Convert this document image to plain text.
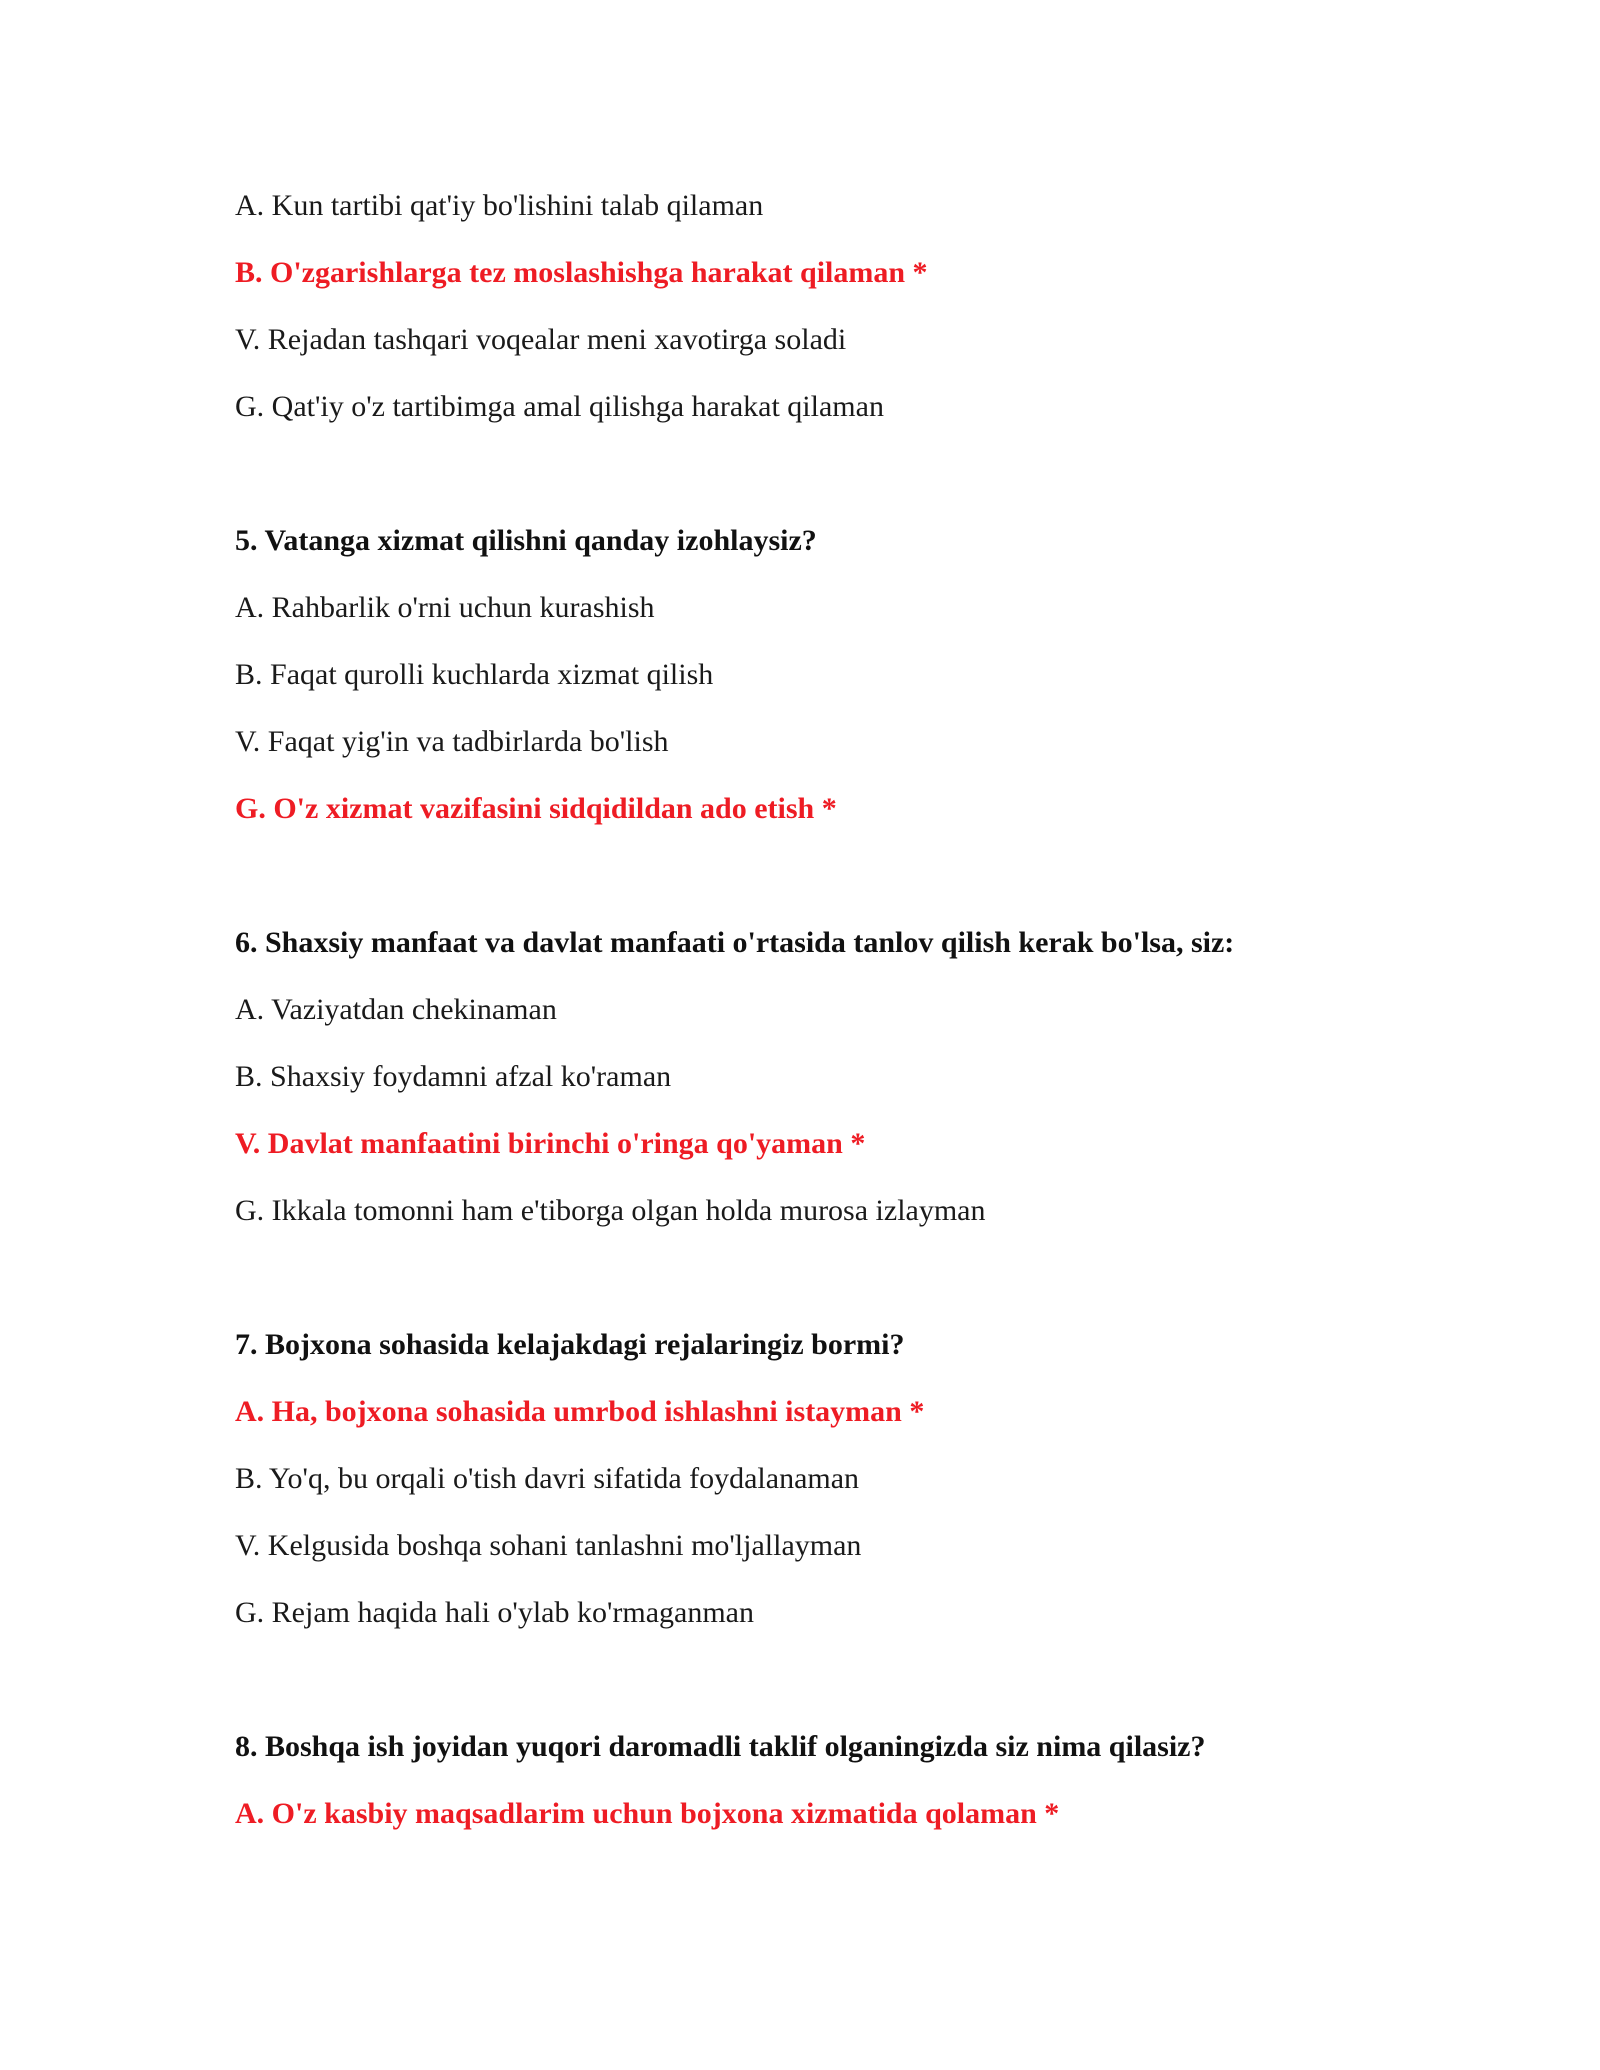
A. Kun tartibi qat'iy bo'lishini talab qilaman

B. O'zgarishlarga tez moslashishga harakat qilaman *

V. Rejadan tashqari voqealar meni xavotirga soladi

G. Qat'iy o'z tartibimga amal qilishga harakat qilaman

5. Vatanga xizmat qilishni qanday izohlaysiz?

A. Rahbarlik o'rni uchun kurashish

B. Faqat qurolli kuchlarda xizmat qilish

V. Faqat yig'in va tadbirlarda bo'lish

G. O'z xizmat vazifasini sidqidildan ado etish *

6. Shaxsiy manfaat va davlat manfaati o'rtasida tanlov qilish kerak bo'lsa, siz:

A. Vaziyatdan chekinaman

B. Shaxsiy foydamni afzal ko'raman

V. Davlat manfaatini birinchi o'ringa qo'yaman *

G. Ikkala tomonni ham e'tiborga olgan holda murosa izlayman

7. Bojxona sohasida kelajakdagi rejalaringiz bormi?

A. Ha, bojxona sohasida umrbod ishlashni istayman *

B. Yo'q, bu orqali o'tish davri sifatida foydalanaman

V. Kelgusida boshqa sohani tanlashni mo'ljallayman

G. Rejam haqida hali o'ylab ko'rmaganman

8. Boshqa ish joyidan yuqori daromadli taklif olganingizda siz nima qilasiz?

A. O'z kasbiy maqsadlarim uchun bojxona xizmatida qolaman *
